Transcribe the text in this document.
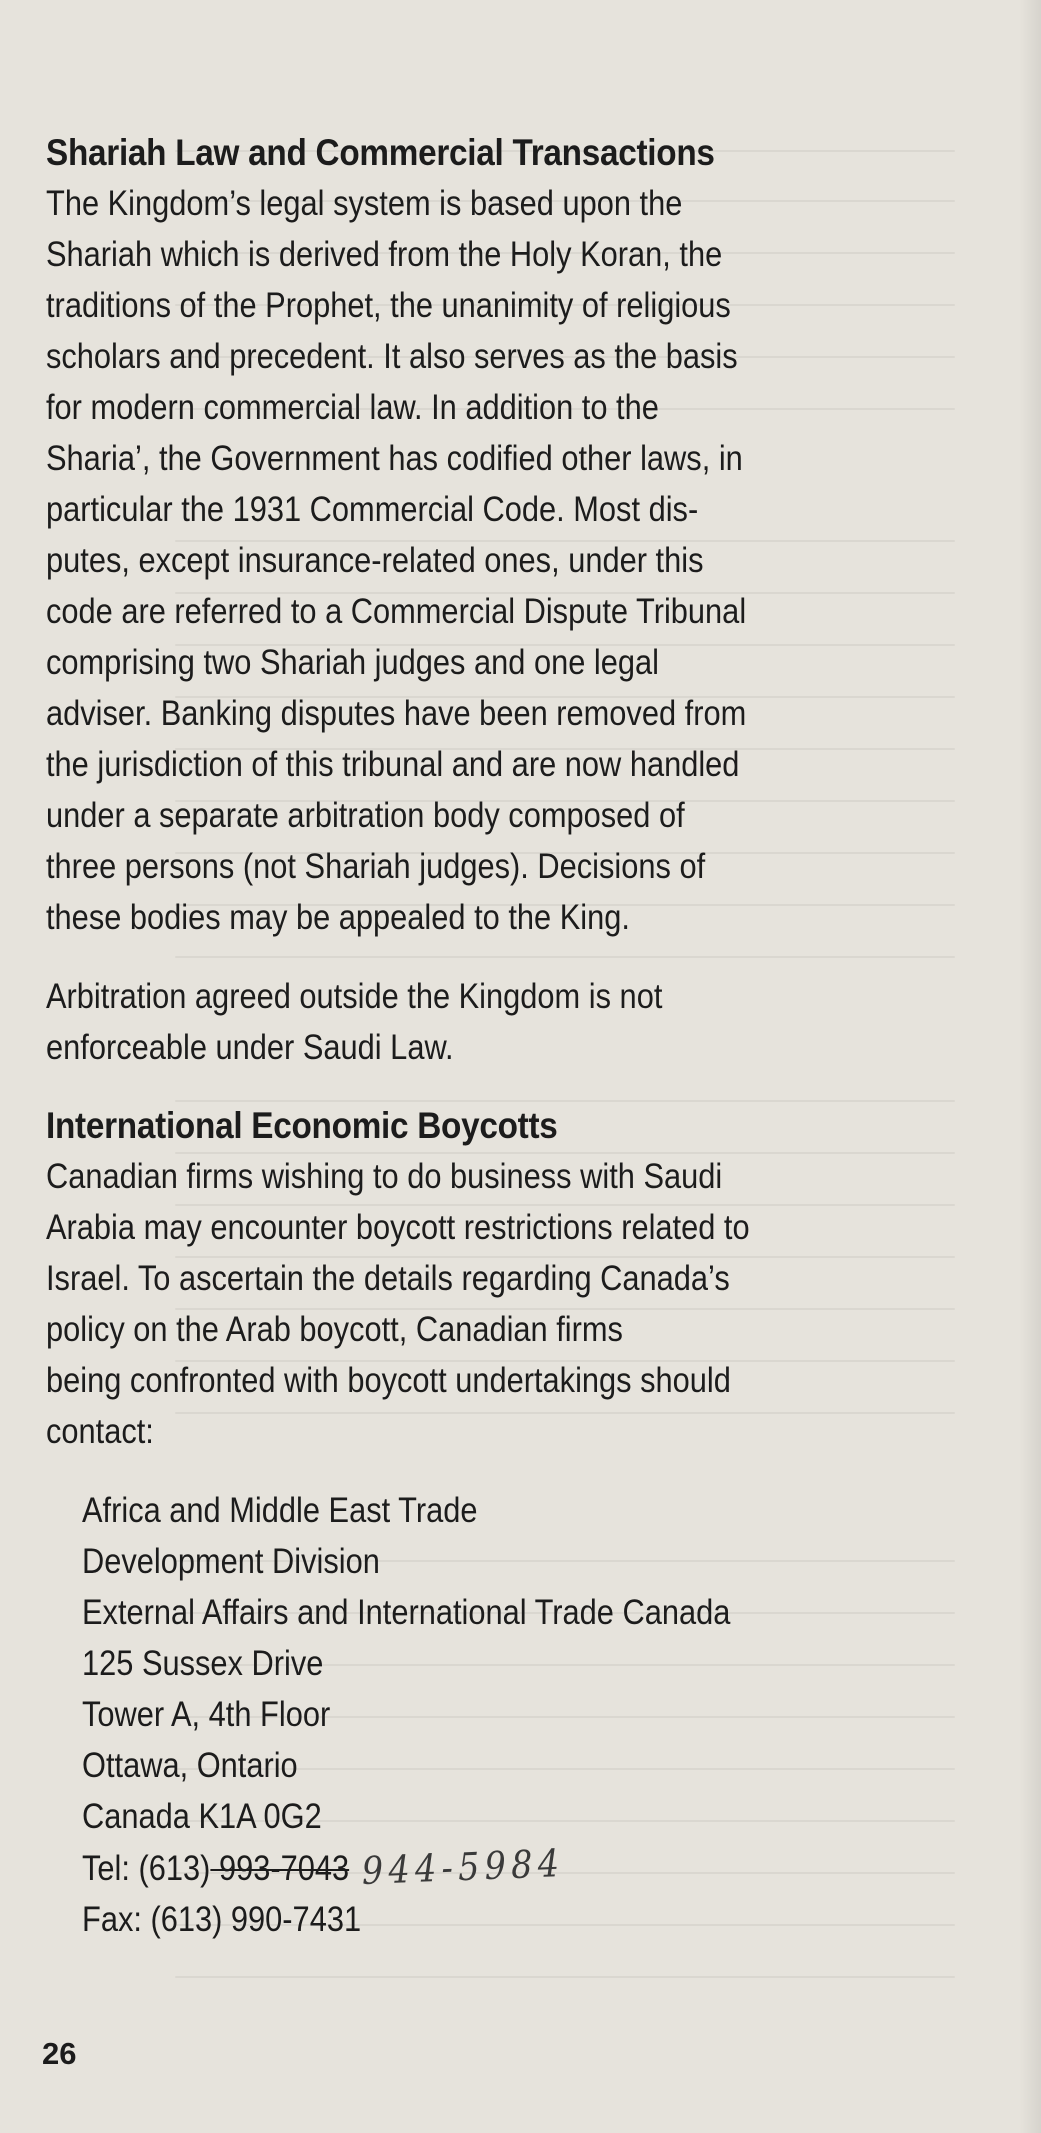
Shariah Law and Commercial Transactions
The Kingdom’s legal system is based upon the
Shariah which is derived from the Holy Koran, the
traditions of the Prophet, the unanimity of religious
scholars and precedent. It also serves as the basis
for modern commercial law. In addition to the
Sharia’, the Government has codified other laws, in
particular the 1931 Commercial Code. Most dis-
putes, except insurance-related ones, under this
code are referred to a Commercial Dispute Tribunal
comprising two Shariah judges and one legal
adviser. Banking disputes have been removed from
the jurisdiction of this tribunal and are now handled
under a separate arbitration body composed of
three persons (not Shariah judges). Decisions of
these bodies may be appealed to the King.
Arbitration agreed outside the Kingdom is not
enforceable under Saudi Law.
International Economic Boycotts
Canadian firms wishing to do business with Saudi
Arabia may encounter boycott restrictions related to
Israel. To ascertain the details regarding Canada’s
policy on the Arab boycott, Canadian firms
being confronted with boycott undertakings should
contact:
Africa and Middle East Trade
Development Division
External Affairs and International Trade Canada
125 Sussex Drive
Tower A, 4th Floor
Ottawa, Ontario
Canada K1A 0G2
Tel: (613) 993-7043 944-5984
Fax: (613) 990-7431
26
